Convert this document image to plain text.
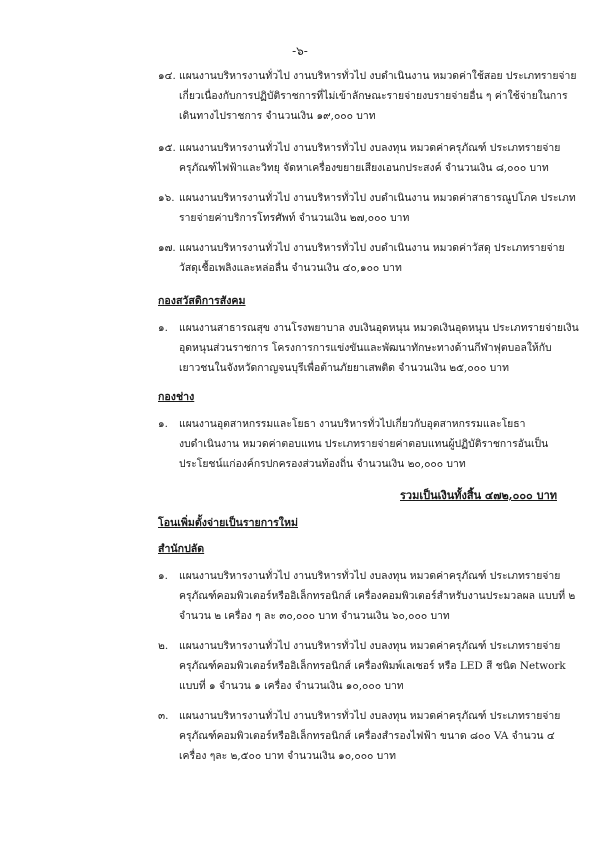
-๖-
๑๔. แผนงานบริหารงานทั่วไป งานบริหารทั่วไป งบดำเนินงาน หมวดค่าใช้สอย ประเภทรายจ่าย
เกี่ยวเนื่องกับการปฏิบัติราชการที่ไม่เข้าลักษณะรายจ่ายงบรายจ่ายอื่น ๆ ค่าใช้จ่ายในการ
เดินทางไปราชการ จำนวนเงิน ๑๙,๐๐๐ บาท
๑๕. แผนงานบริหารงานทั่วไป งานบริหารทั่วไป งบลงทุน หมวดค่าครุภัณฑ์ ประเภทรายจ่าย
ครุภัณฑ์ไฟฟ้าและวิทยุ จัดหาเครื่องขยายเสียงเอนกประสงค์ จำนวนเงิน ๘,๐๐๐ บาท
๑๖. แผนงานบริหารงานทั่วไป งานบริหารทั่วไป งบดำเนินงาน หมวดค่าสาธารณูปโภค ประเภท
รายจ่ายค่าบริการโทรศัพท์ จำนวนเงิน ๒๗,๐๐๐ บาท
๑๗. แผนงานบริหารงานทั่วไป งานบริหารทั่วไป งบดำเนินงาน หมวดค่าวัสดุ ประเภทรายจ่าย
วัสดุเชื้อเพลิงและหล่อลื่น จำนวนเงิน ๔๐,๑๐๐ บาท
กองสวัสดิการสังคม
๑.	แผนงานสาธารณสุข งานโรงพยาบาล งบเงินอุดหนุน หมวดเงินอุดหนุน ประเภทรายจ่ายเงิน
อุดหนุนส่วนราชการ โครงการการแข่งขันและพัฒนาทักษะทางด้านกีฬาฟุตบอลให้กับ
เยาวชนในจังหวัดกาญจนบุรีเพื่อต้านภัยยาเสพติด จำนวนเงิน ๒๕,๐๐๐ บาท
กองช่าง
๑.	แผนงานอุตสาหกรรมและโยธา งานบริหารทั่วไปเกี่ยวกับอุตสาหกรรมและโยธา
งบดำเนินงาน หมวดค่าตอบแทน ประเภทรายจ่ายค่าตอบแทนผู้ปฏิบัติราชการอันเป็น
ประโยชน์แก่องค์กรปกครองส่วนท้องถิ่น จำนวนเงิน ๒๐,๐๐๐ บาท
รวมเป็นเงินทั้งสิ้น ๔๗๒,๐๐๐ บาท
โอนเพิ่มตั้งจ่ายเป็นรายการใหม่
สำนักปลัด
๑.	แผนงานบริหารงานทั่วไป งานบริหารทั่วไป งบลงทุน หมวดค่าครุภัณฑ์ ประเภทรายจ่าย
ครุภัณฑ์คอมพิวเตอร์หรืออิเล็กทรอนิกส์ เครื่องคอมพิวเตอร์สำหรับงานประมวลผล แบบที่ ๒
จำนวน ๒ เครื่อง ๆ ละ ๓๐,๐๐๐ บาท จำนวนเงิน ๖๐,๐๐๐ บาท
๒.	แผนงานบริหารงานทั่วไป งานบริหารทั่วไป งบลงทุน หมวดค่าครุภัณฑ์ ประเภทรายจ่าย
ครุภัณฑ์คอมพิวเตอร์หรืออิเล็กทรอนิกส์ เครื่องพิมพ์เลเซอร์ หรือ LED สี ชนิด Network
แบบที่ ๑ จำนวน ๑ เครื่อง จำนวนเงิน ๑๐,๐๐๐ บาท
๓.	แผนงานบริหารงานทั่วไป งานบริหารทั่วไป งบลงทุน หมวดค่าครุภัณฑ์ ประเภทรายจ่าย
ครุภัณฑ์คอมพิวเตอร์หรืออิเล็กทรอนิกส์ เครื่องสำรองไฟฟ้า ขนาด ๘๐๐ VA จำนวน ๔
เครื่อง ๆละ ๒,๕๐๐ บาท จำนวนเงิน ๑๐,๐๐๐ บาท
